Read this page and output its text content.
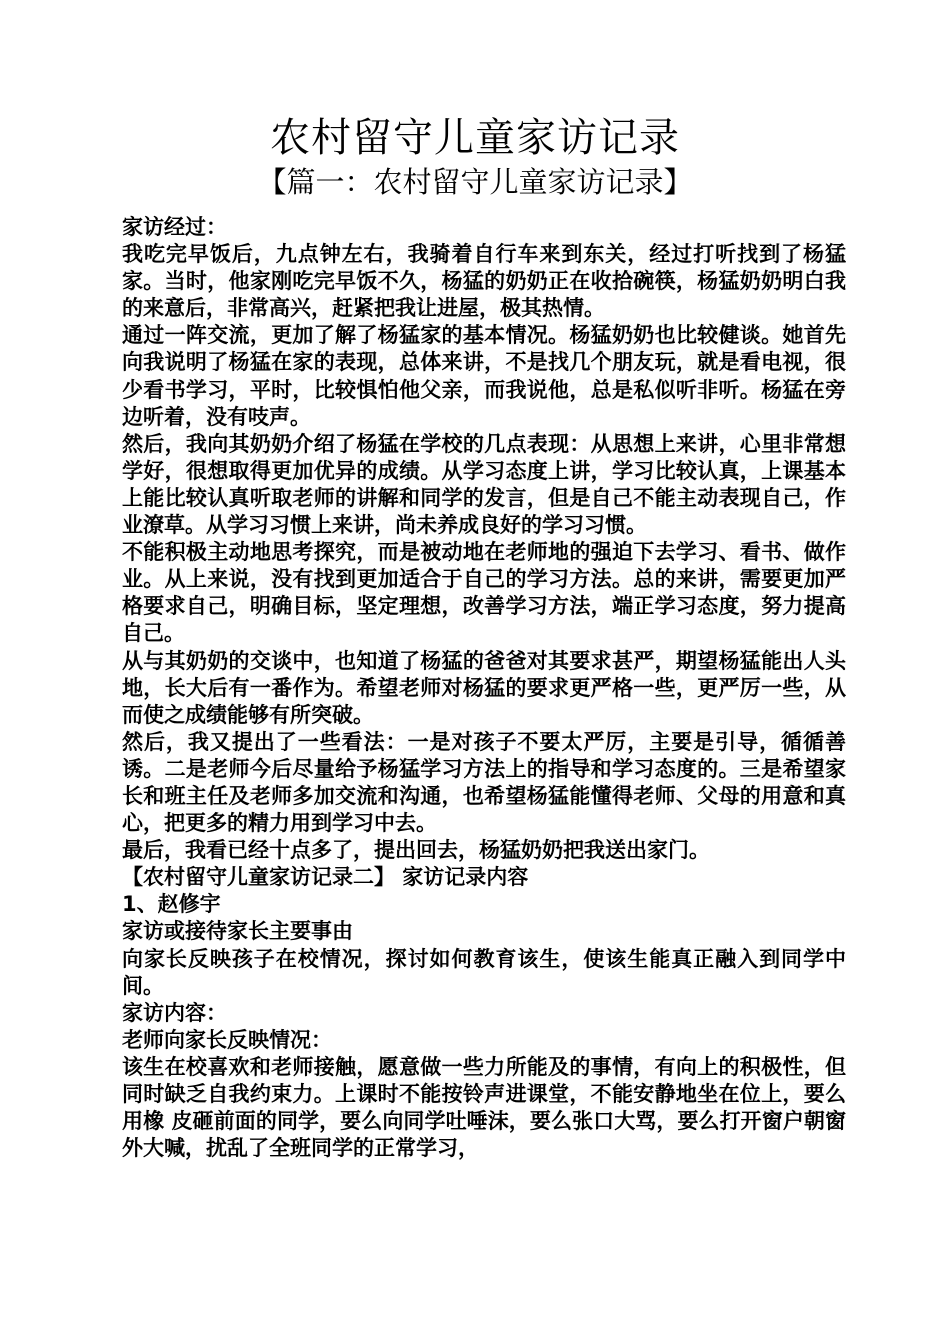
农村留守儿童家访记录
【篇一：农村留守儿童家访记录】

家访经过：

我吃完早饭后，九点钟左右，我骑着自行车来到东关，经过打听找到了杨猛家。当时，他家刚吃完早饭不久，杨猛的奶奶正在收拾碗筷，杨猛奶奶明白我的来意后，非常高兴，赶紧把我让进屋，极其热情。

通过一阵交流，更加了解了杨猛家的基本情况。杨猛奶奶也比较健谈。她首先向我说明了杨猛在家的表现，总体来讲，不是找几个朋友玩，就是看电视，很少看书学习，平时，比较惧怕他父亲，而我说他，总是私似听非听。杨猛在旁边听着，没有吱声。

然后，我向其奶奶介绍了杨猛在学校的几点表现：从思想上来讲，心里非常想学好，很想取得更加优异的成绩。从学习态度上讲，学习比较认真，上课基本上能比较认真听取老师的讲解和同学的发言，但是自己不能主动表现自己，作业潦草。从学习习惯上来讲，尚未养成良好的学习习惯。

不能积极主动地思考探究，而是被动地在老师地的强迫下去学习、看书、做作业。从上来说，没有找到更加适合于自己的学习方法。总的来讲，需要更加严格要求自己，明确目标，坚定理想，改善学习方法，端正学习态度，努力提高自己。

从与其奶奶的交谈中，也知道了杨猛的爸爸对其要求甚严，期望杨猛能出人头地，长大后有一番作为。希望老师对杨猛的要求更严格一些，更严厉一些，从而使之成绩能够有所突破。

然后，我又提出了一些看法：一是对孩子不要太严厉，主要是引导，循循善诱。二是老师今后尽量给予杨猛学习方法上的指导和学习态度的。三是希望家长和班主任及老师多加交流和沟通，也希望杨猛能懂得老师、父母的用意和真心，把更多的精力用到学习中去。

最后，我看已经十点多了，提出回去，杨猛奶奶把我送出家门。

【农村留守儿童家访记录二】 家访记录内容

1、赵修宇

家访或接待家长主要事由

向家长反映孩子在校情况，探讨如何教育该生，使该生能真正融入到同学中间。

家访内容：

老师向家长反映情况：

该生在校喜欢和老师接触，愿意做一些力所能及的事情，有向上的积极性，但同时缺乏自我约束力。上课时不能按铃声进课堂，不能安静地坐在位上，要么用橡 皮砸前面的同学，要么向同学吐唾沫，要么张口大骂，要么打开窗户朝窗外大喊，扰乱了全班同学的正常学习，
